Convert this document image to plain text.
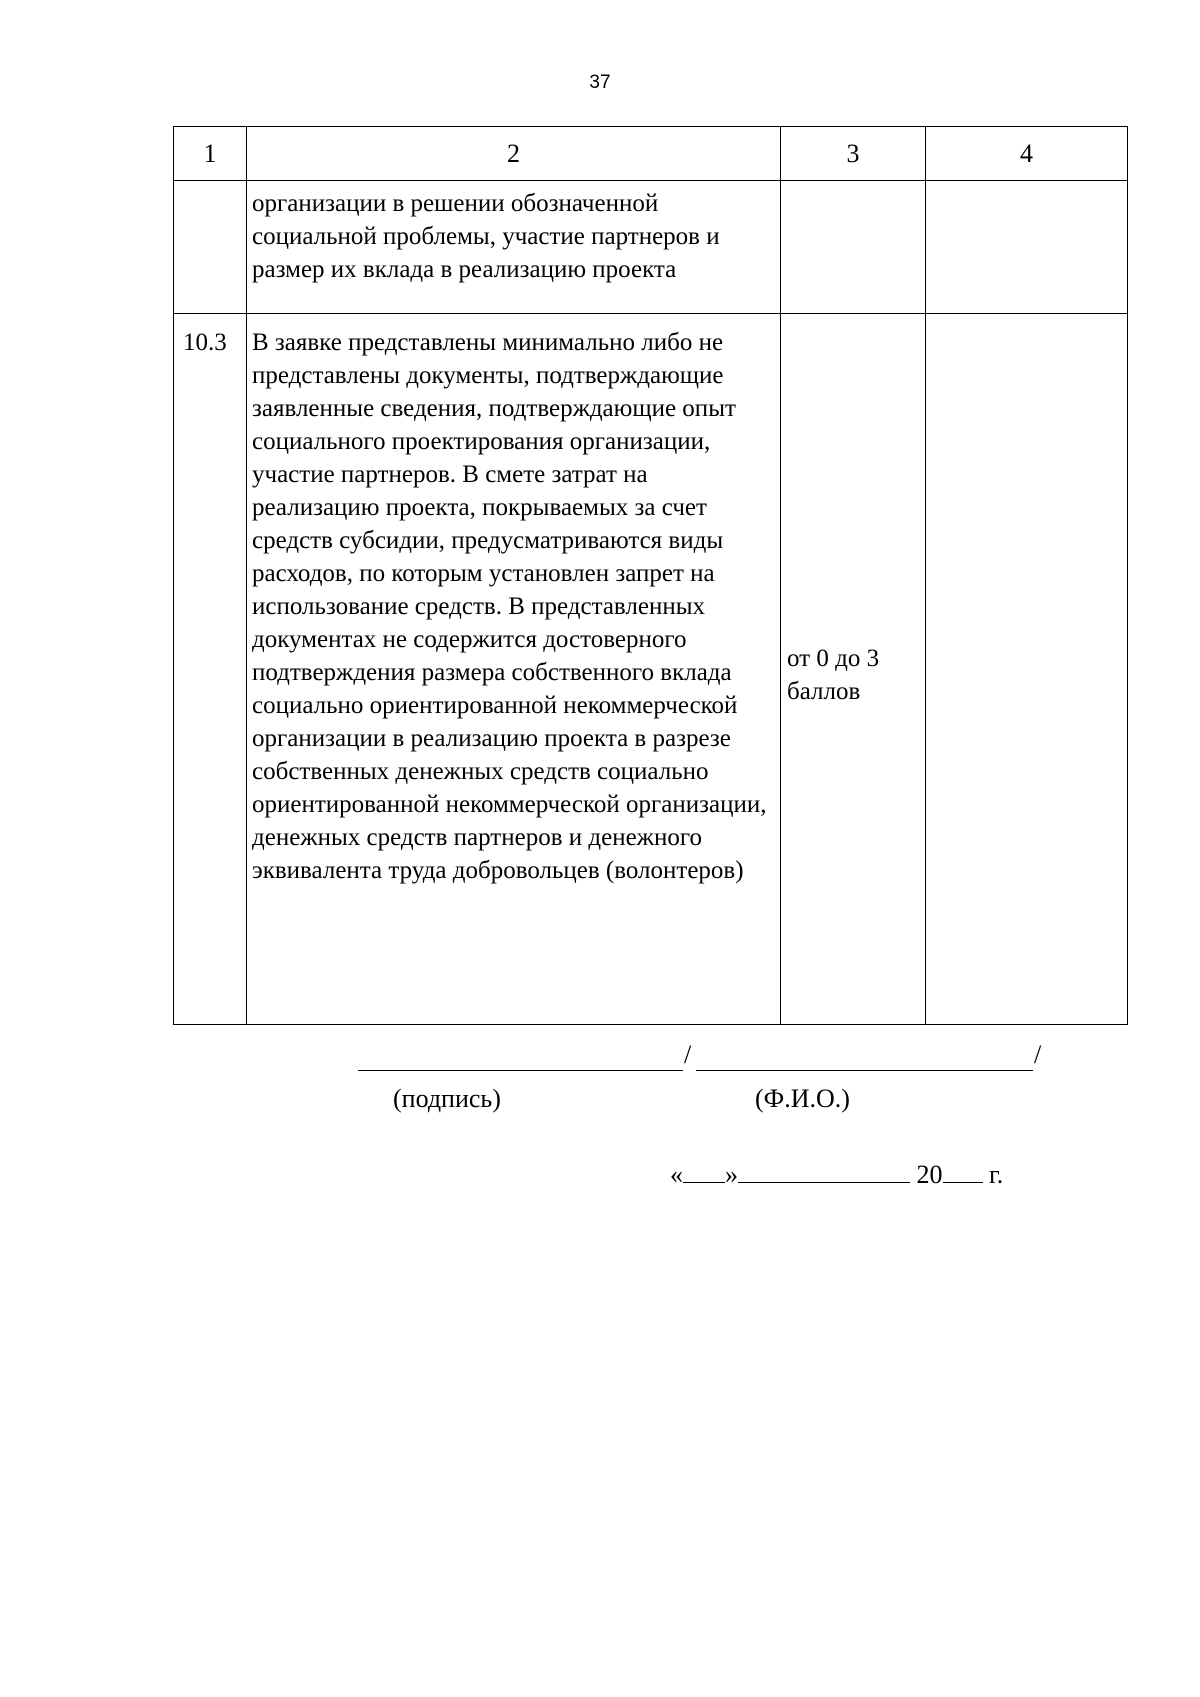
37
1	2	3	4
	организации в решении обозначенной социальной проблемы, участие партнеров и размер их вклада в реализацию проекта		
10.3	В заявке представлены минимально либо не представлены документы, подтверждающие заявленные сведения, подтверждающие опыт социального проектирования организации, участие партнеров. В смете затрат на реализацию проекта, покрываемых за счет средств субсидии, предусматриваются виды расходов, по которым установлен запрет на использование средств. В представленных документах не содержится достоверного подтверждения размера собственного вклада социально ориентированной некоммерческой организации в реализацию проекта в разрезе собственных денежных средств социально ориентированной некоммерческой организации, денежных средств партнеров и денежного эквивалента труда добровольцев (волонтеров)	от 0 до 3 баллов	
/	/
(подпись)	(Ф.И.О.)
« »	20 г.
